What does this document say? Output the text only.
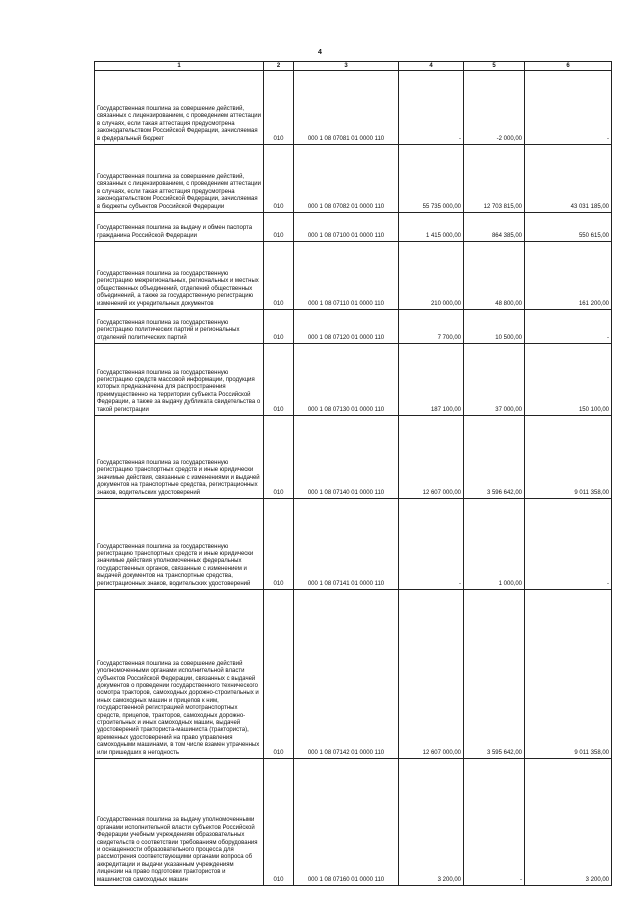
4
1	2	3	4	5	6
Государственная пошлина за совершение действий, связанных с лицензированием, с проведением аттестации в случаях, если такая аттестация предусмотрена законодательством Российской Федерации, зачисляемая в федеральный бюджет	010	000 1 08 07081 01 0000 110	-	-2 000,00	-
Государственная пошлина за совершение действий, связанных с лицензированием, с проведением аттестации в случаях, если такая аттестация предусмотрена законодательством Российской Федерации, зачисляемая в бюджеты субъектов Российской Федерации	010	000 1 08 07082 01 0000 110	55 735 000,00	12 703 815,00	43 031 185,00
Государственная пошлина за выдачу и обмен паспорта гражданина Российской Федерации	010	000 1 08 07100 01 0000 110	1 415 000,00	864 385,00	550 615,00
Государственная пошлина за государственную регистрацию межрегиональных, региональных и местных общественных объединений, отделений общественных объединений, а также за государственную регистрацию изменений их учредительных документов	010	000 1 08 07110 01 0000 110	210 000,00	48 800,00	161 200,00
Государственная пошлина за государственную регистрацию политических партий и региональных отделений политических партий	010	000 1 08 07120 01 0000 110	7 700,00	10 500,00	-
Государственная пошлина за государственную регистрацию средств массовой информации, продукция которых предназначена для распространения преимущественно на территории субъекта Российской Федерации, а также за выдачу дубликата свидетельства о такой регистрации	010	000 1 08 07130 01 0000 110	187 100,00	37 000,00	150 100,00
Государственная пошлина за государственную регистрацию транспортных средств и иные юридически значимые действия, связанные с изменениями и выдачей документов на транспортные средства, регистрационных знаков, водительских удостоверений	010	000 1 08 07140 01 0000 110	12 607 000,00	3 596 642,00	9 011 358,00
Государственная пошлина за государственную регистрацию транспортных средств и иные юридически значимые действия уполномоченных федеральных государственных органов, связанные с изменением и выдачей документов на транспортные средства, регистрационных знаков, водительских удостоверений	010	000 1 08 07141 01 0000 110	-	1 000,00	-
Государственная пошлина за совершение действий уполномоченными органами исполнительной власти субъектов Российской Федерации, связанных с выдачей документов о проведении государственного технического осмотра тракторов, самоходных дорожно-строительных и иных самоходных машин и прицепов к ним, государственной регистрацией мототранспортных средств, прицепов, тракторов, самоходных дорожно-строительных и иных самоходных машин, выдачей удостоверений тракториста-машиниста (тракториста), временных удостоверений на право управления самоходными машинами, в том числе взамен утраченных или пришедших в негодность	010	000 1 08 07142 01 0000 110	12 607 000,00	3 595 642,00	9 011 358,00
Государственная пошлина за выдачу уполномоченными органами исполнительной власти субъектов Российской Федерации учебным учреждениям образовательных свидетельств о соответствии требованиям оборудования и оснащенности образовательного процесса для рассмотрения соответствующими органами вопроса об аккредитации и выдачи указанным учреждениям лицензии на право подготовки трактористов и машинистов самоходных машин	010	000 1 08 07160 01 0000 110	3 200,00	-	3 200,00
